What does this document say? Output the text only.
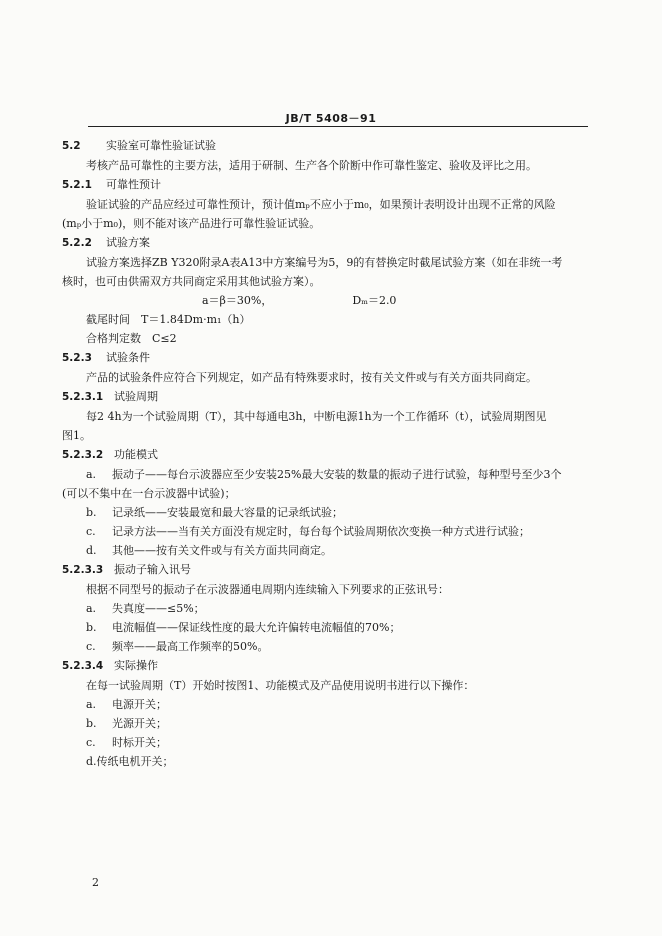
JB/T 5408－91
5.2 实验室可靠性验证试验
考核产品可靠性的主要方法，适用于研制、生产各个阶断中作可靠性鉴定、验收及评比之用。
5.2.1 可靠性预计
验证试验的产品应经过可靠性预计，预计值mₚ不应小于m₀，如果预计表明设计出现不正常的风险
(mₚ小于m₀)，则不能对该产品进行可靠性验证试验。
5.2.2 试验方案
试验方案选择ZB Y320附录A表A13中方案编号为5，9的有替换定时截尾试验方案（如在非统一考
核时，也可由供需双方共同商定采用其他试验方案）。
a＝β＝30%，	Dₘ＝2.0
截尾时间　T＝1.84Dm·m₁（h）
合格判定数　C≤2
5.2.3 试验条件
产品的试验条件应符合下列规定，如产品有特殊要求时，按有关文件或与有关方面共同商定。
5.2.3.1 试验周期
每2 4h为一个试验周期（T），其中每通电3h，中断电源1h为一个工作循环（t），试验周期图见
图1。
5.2.3.2 功能模式
a. 振动子——每台示波器应至少安装25%最大安装的数量的振动子进行试验，每种型号至少3个
(可以不集中在一台示波器中试验)；
b. 记录纸——安装最宽和最大容量的记录纸试验；
c. 记录方法——当有关方面没有规定时，每台每个试验周期依次变换一种方式进行试验；
d. 其他——按有关文件或与有关方面共同商定。
5.2.3.3 振动子输入讯号
根据不同型号的振动子在示波器通电周期内连续输入下列要求的正弦讯号：
a. 失真度——≤5%；
b. 电流幅值——保证线性度的最大允许偏转电流幅值的70%；
c. 频率——最高工作频率的50%。
5.2.3.4 实际操作
在每一试验周期（T）开始时按图1、功能模式及产品使用说明书进行以下操作：
a. 电源开关；
b. 光源开关；
c. 时标开关；
d.传纸电机开关；
2
